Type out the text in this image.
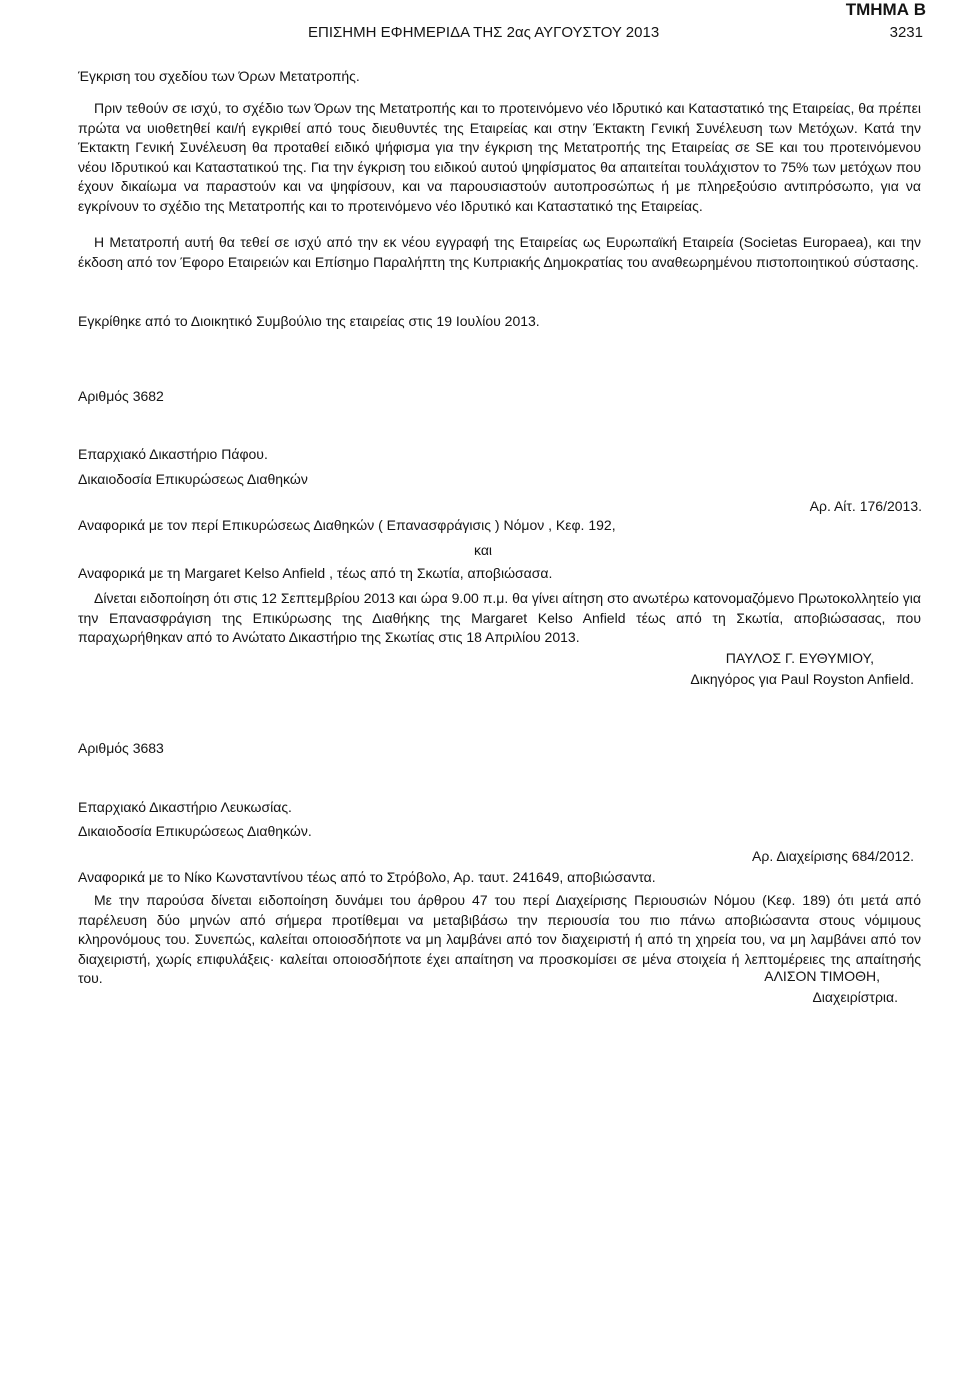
ΤΜΗΜΑ Β
ΕΠΙΣΗΜΗ ΕΦΗΜΕΡΙΔΑ ΤΗΣ 2ας ΑΥΓΟΥΣΤΟΥ 2013	3231
Έγκριση του σχεδίου των Όρων Μετατροπής.
Πριν τεθούν σε ισχύ, το σχέδιο των Όρων της Μετατροπής και το προτεινόμενο νέο Ιδρυτικό και Καταστατικό της Εταιρείας, θα πρέπει πρώτα να υιοθετηθεί και/ή εγκριθεί από τους διευθυντές της Εταιρείας και στην Έκτακτη Γενική Συνέλευση των Μετόχων. Κατά την Έκτακτη Γενική Συνέλευση θα προταθεί ειδικό ψήφισμα για την έγκριση της Μετατροπής της Εταιρείας σε SE και του προτεινόμενου νέου Ιδρυτικού και Καταστατικού της. Για την έγκριση του ειδικού αυτού ψηφίσματος θα απαιτείται τουλάχιστον το 75% των μετόχων που έχουν δικαίωμα να παραστούν και να ψηφίσουν, και να παρουσιαστούν αυτοπροσώπως ή με πληρεξούσιο αντιπρόσωπο, για να εγκρίνουν το σχέδιο της Μετατροπής και το προτεινόμενο νέο Ιδρυτικό και Καταστατικό της Εταιρείας.
Η Μετατροπή αυτή θα τεθεί σε ισχύ από την εκ νέου εγγραφή της Εταιρείας ως Ευρωπαϊκή Εταιρεία (Societas Europaea), και την έκδοση από τον Έφορο Εταιρειών και Επίσημο Παραλήπτη της Κυπριακής Δημοκρατίας του αναθεωρημένου πιστοποιητικού σύστασης.
Εγκρίθηκε από το Διοικητικό Συμβούλιο της εταιρείας στις 19 Ιουλίου 2013.
Αριθμός 3682
Επαρχιακό Δικαστήριο Πάφου.
Δικαιοδοσία Επικυρώσεως Διαθηκών
Αρ. Αίτ. 176/2013.
Αναφορικά με τον περί Επικυρώσεως Διαθηκών ( Επανασφράγισις ) Νόμον , Κεφ. 192,
και
Αναφορικά με τη Margaret Kelso Anfield , τέως από τη Σκωτία, αποβιώσασα.
Δίνεται ειδοποίηση ότι στις 12 Σεπτεμβρίου 2013 και ώρα 9.00 π.μ. θα γίνει αίτηση στο ανωτέρω κατονομαζόμενο Πρωτοκολλητείο για την Επανασφράγιση της Επικύρωσης της Διαθήκης της Margaret Kelso Anfield τέως από τη Σκωτία, αποβιώσασας, που παραχωρήθηκαν από το Ανώτατο Δικαστήριο της Σκωτίας στις 18 Απριλίου 2013.
ΠΑΥΛΟΣ Γ. ΕΥΘΥΜΙΟΥ,
Δικηγόρος για Paul Royston Anfield.
Αριθμός 3683
Επαρχιακό Δικαστήριο Λευκωσίας.
Δικαιοδοσία Επικυρώσεως Διαθηκών.
Αρ. Διαχείρισης 684/2012.
Αναφορικά με το Νίκο Κωνσταντίνου τέως από το Στρόβολο, Αρ. ταυτ. 241649, αποβιώσαντα.
Με την παρούσα δίνεται ειδοποίηση δυνάμει του άρθρου 47 του περί Διαχείρισης Περιουσιών Νόμου (Κεφ. 189) ότι μετά από παρέλευση δύο μηνών από σήμερα προτίθεμαι να μεταβιβάσω την περιουσία του πιο πάνω αποβιώσαντα στους νόμιμους κληρονόμους του. Συνεπώς, καλείται οποιοσδήποτε να μη λαμβάνει από τον διαχειριστή ή από τη χηρεία του, να μη λαμβάνει από τον διαχειριστή, χωρίς επιφυλάξεις· καλείται οποιοσδήποτε έχει απαίτηση να προσκομίσει σε μένα στοιχεία ή λεπτομέρειες της απαίτησής του.	ΑΛΙΣΟΝ ΤΙΜΟΘΗ,
Διαχειρίστρια.
